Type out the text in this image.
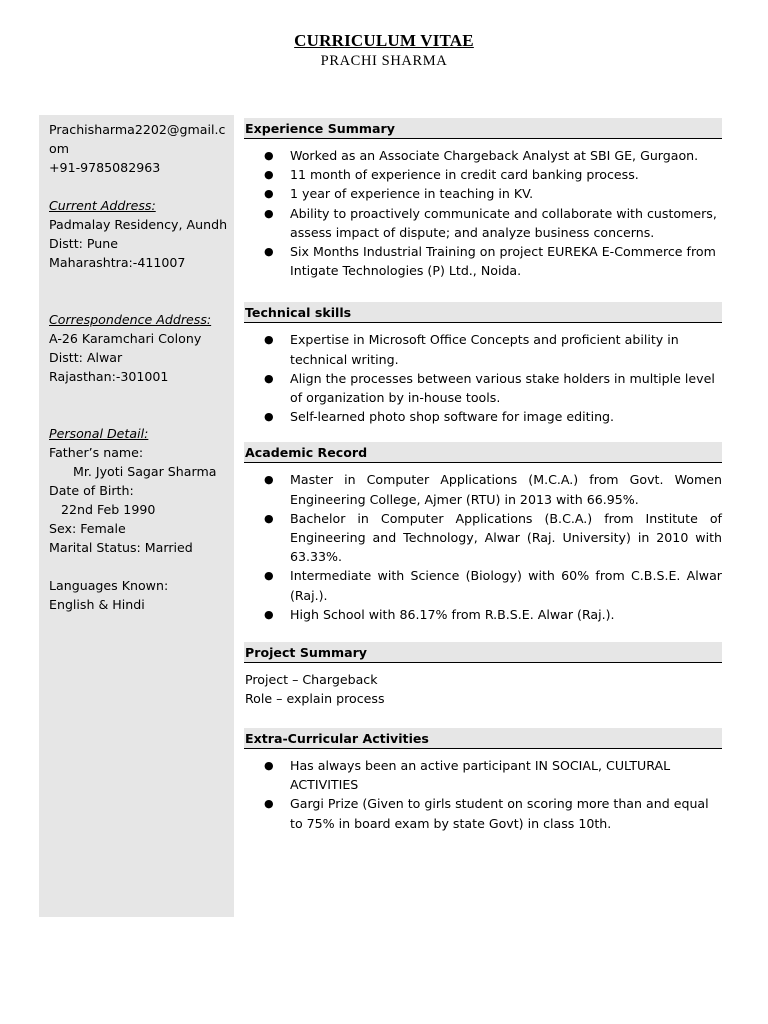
CURRICULUM VITAE
PRACHI SHARMA
Prachisharma2202@gmail.c
om
+91-9785082963
Current Address:
Padmalay Residency, Aundh
Distt: Pune
Maharashtra:-411007
Correspondence Address:
A-26 Karamchari Colony
Distt: Alwar
Rajasthan:-301001
Personal Detail:
Father’s name:
Mr. Jyoti Sagar Sharma
Date of Birth:
22nd Feb 1990
Sex: Female
Marital Status: Married
Languages Known:
English & Hindi
Experience Summary
● Worked as an Associate Chargeback Analyst at SBI GE, Gurgaon.
● 11 month of experience in credit card banking process.
● 1 year of experience in teaching in KV.
● Ability to proactively communicate and collaborate with customers, assess impact of dispute; and analyze business concerns.
● Six Months Industrial Training on project EUREKA E-Commerce from Intigate Technologies (P) Ltd., Noida.
Technical skills
● Expertise in Microsoft Office Concepts and proficient ability in technical writing.
● Align the processes between various stake holders in multiple level of organization by in-house tools.
● Self-learned photo shop software for image editing.
Academic Record
● Master in Computer Applications (M.C.A.) from Govt. Women Engineering College, Ajmer (RTU) in 2013 with 66.95%.
● Bachelor in Computer Applications (B.C.A.) from Institute of Engineering and Technology, Alwar (Raj. University) in 2010 with 63.33%.
● Intermediate with Science (Biology) with 60% from C.B.S.E. Alwar (Raj.).
● High School with 86.17% from R.B.S.E. Alwar (Raj.).
Project Summary
Project – Chargeback
Role – explain process
Extra-Curricular Activities
● Has always been an active participant IN SOCIAL, CULTURAL ACTIVITIES
● Gargi Prize (Given to girls student on scoring more than and equal to 75% in board exam by state Govt) in class 10th.
